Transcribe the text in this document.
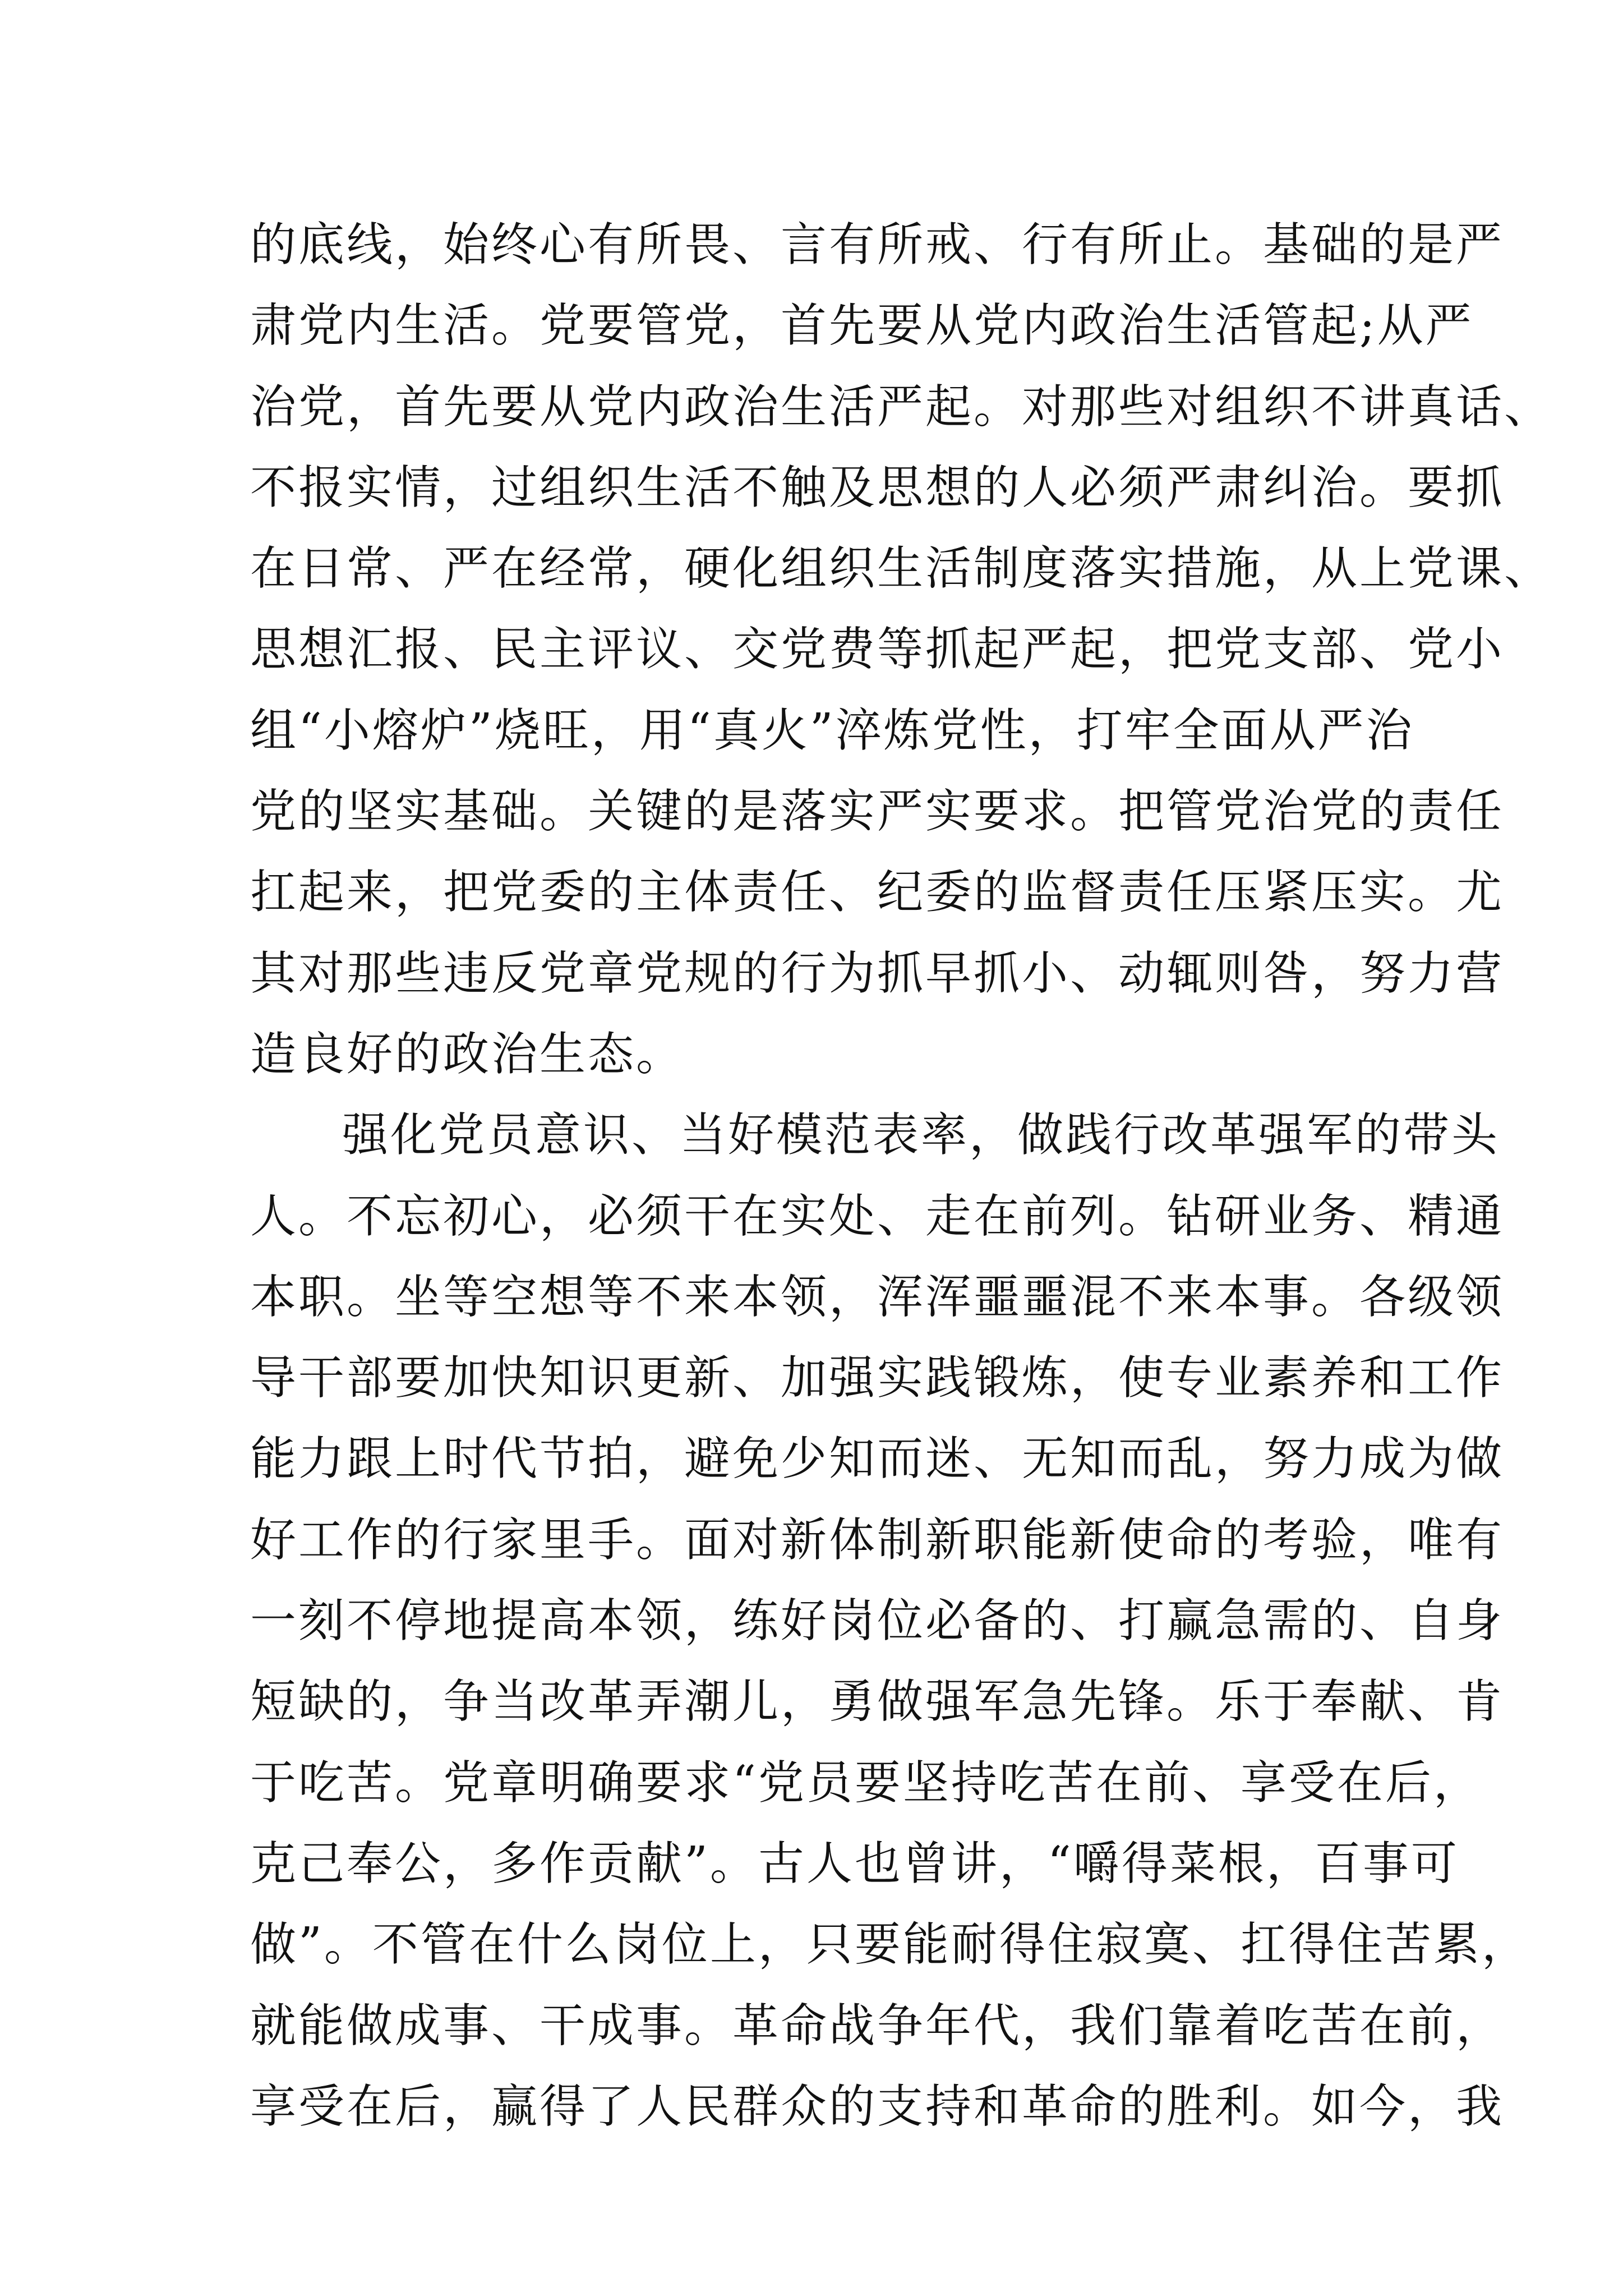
的底线，始终心有所畏、言有所戒、行有所止。基础的是严
肃党内生活。党要管党，首先要从党内政治生活管起;从严
治党，首先要从党内政治生活严起。对那些对组织不讲真话、
不报实情，过组织生活不触及思想的人必须严肃纠治。要抓
在日常、严在经常，硬化组织生活制度落实措施，从上党课、
思想汇报、民主评议、交党费等抓起严起，把党支部、党小
组“小熔炉”烧旺，用“真火”淬炼党性，打牢全面从严治
党的坚实基础。关键的是落实严实要求。把管党治党的责任
扛起来，把党委的主体责任、纪委的监督责任压紧压实。尤
其对那些违反党章党规的行为抓早抓小、动辄则咎，努力营
造良好的政治生态。
强化党员意识、当好模范表率，做践行改革强军的带头
人。不忘初心，必须干在实处、走在前列。钻研业务、精通
本职。坐等空想等不来本领，浑浑噩噩混不来本事。各级领
导干部要加快知识更新、加强实践锻炼，使专业素养和工作
能力跟上时代节拍，避免少知而迷、无知而乱，努力成为做
好工作的行家里手。面对新体制新职能新使命的考验，唯有
一刻不停地提高本领，练好岗位必备的、打赢急需的、自身
短缺的，争当改革弄潮儿，勇做强军急先锋。乐于奉献、肯
于吃苦。党章明确要求“党员要坚持吃苦在前、享受在后，
克己奉公，多作贡献”。古人也曾讲，“嚼得菜根，百事可
做”。不管在什么岗位上，只要能耐得住寂寞、扛得住苦累，
就能做成事、干成事。革命战争年代，我们靠着吃苦在前，
享受在后，赢得了人民群众的支持和革命的胜利。如今，我
